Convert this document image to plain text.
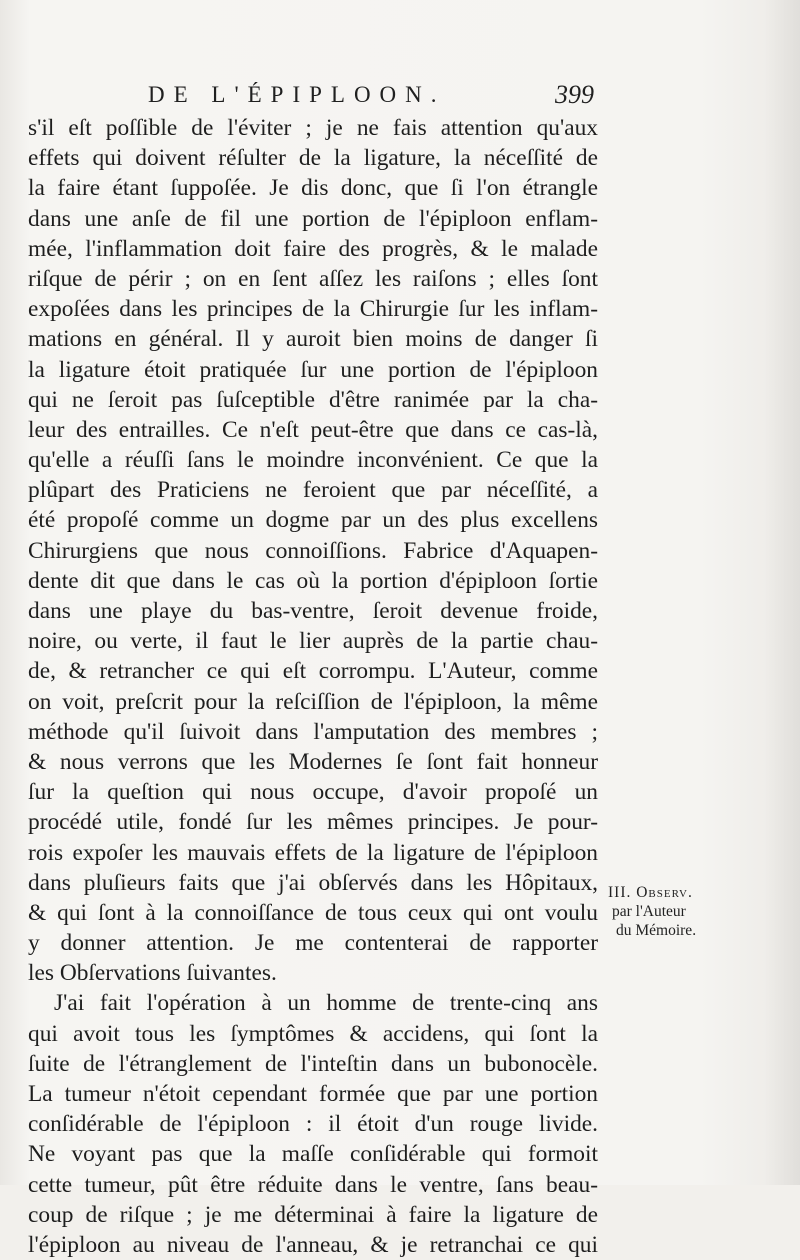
DE L'ÉPIPLOON.	399
s'il eſt poſſible de l'éviter ; je ne fais attention qu'aux
effets qui doivent réſulter de la ligature, la néceſſité de
la faire étant ſuppoſée. Je dis donc, que ſi l'on étrangle
dans une anſe de fil une portion de l'épiploon enflam-
mée, l'inflammation doit faire des progrès, & le malade
riſque de périr ; on en ſent aſſez les raiſons ; elles ſont
expoſées dans les principes de la Chirurgie ſur les inflam-
mations en général. Il y auroit bien moins de danger ſi
la ligature étoit pratiquée ſur une portion de l'épiploon
qui ne ſeroit pas ſuſceptible d'être ranimée par la cha-
leur des entrailles. Ce n'eſt peut-être que dans ce cas-là,
qu'elle a réuſſi ſans le moindre inconvénient. Ce que la
plûpart des Praticiens ne feroient que par néceſſité, a
été propoſé comme un dogme par un des plus excellens
Chirurgiens que nous connoiſſions. Fabrice d'Aquapen-
dente dit que dans le cas où la portion d'épiploon ſortie
dans une playe du bas-ventre, ſeroit devenue froide,
noire, ou verte, il faut le lier auprès de la partie chau-
de, & retrancher ce qui eſt corrompu. L'Auteur, comme
on voit, preſcrit pour la reſciſſion de l'épiploon, la même
méthode qu'il ſuivoit dans l'amputation des membres ;
& nous verrons que les Modernes ſe ſont fait honneur
ſur la queſtion qui nous occupe, d'avoir propoſé un
procédé utile, fondé ſur les mêmes principes. Je pour-
rois expoſer les mauvais effets de la ligature de l'épiploon
dans pluſieurs faits que j'ai obſervés dans les Hôpitaux,
& qui ſont à la connoiſſance de tous ceux qui ont voulu
y donner attention. Je me contenterai de rapporter
les Obſervations ſuivantes.
J'ai fait l'opération à un homme de trente-cinq ans
qui avoit tous les ſymptômes & accidens, qui ſont la
ſuite de l'étranglement de l'inteſtin dans un bubonocèle.
La tumeur n'étoit cependant formée que par une portion
conſidérable de l'épiploon : il étoit d'un rouge livide.
Ne voyant pas que la maſſe conſidérable qui formoit
cette tumeur, pût être réduite dans le ventre, ſans beau-
coup de riſque ; je me déterminai à faire la ligature de
l'épiploon au niveau de l'anneau, & je retranchai ce qui
III. Observ.
par l'Auteur
du Mémoire.
